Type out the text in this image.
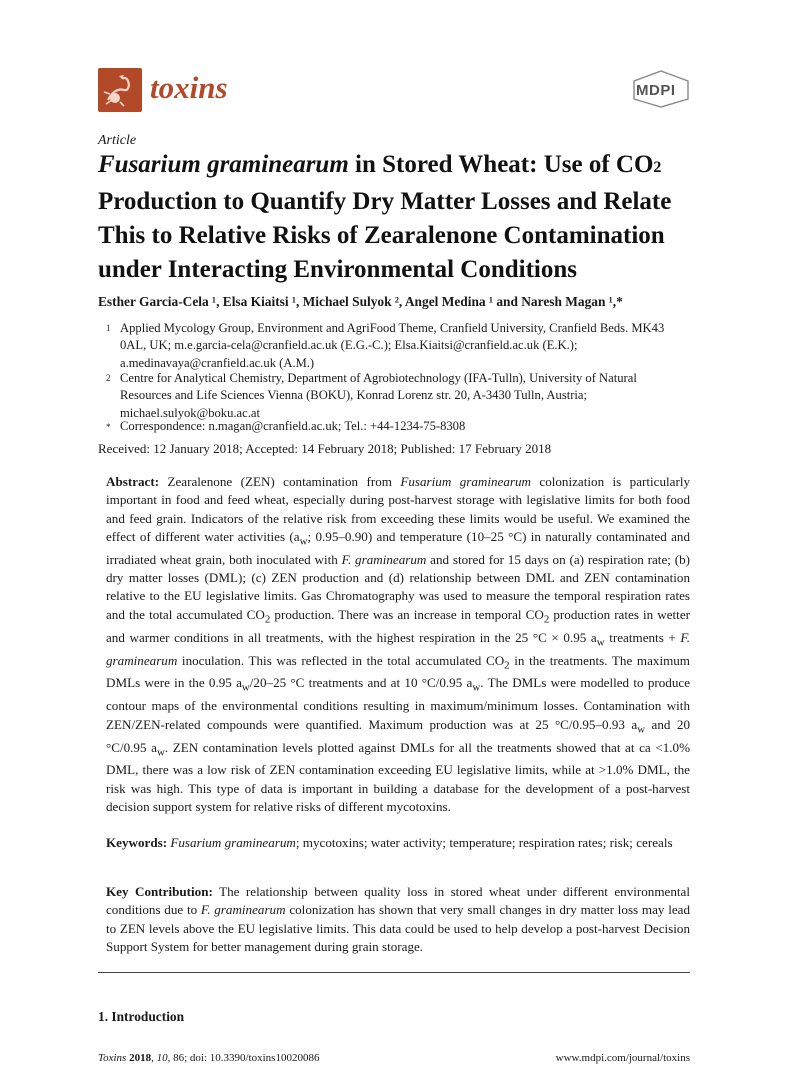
toxins	MDPI
Article
Fusarium graminearum in Stored Wheat: Use of CO2 Production to Quantify Dry Matter Losses and Relate This to Relative Risks of Zearalenone Contamination under Interacting Environmental Conditions
Esther Garcia-Cela ¹, Elsa Kiaitsi ¹, Michael Sulyok ², Angel Medina ¹ and Naresh Magan ¹,*
1 Applied Mycology Group, Environment and AgriFood Theme, Cranfield University, Cranfield Beds. MK43 0AL, UK; m.e.garcia-cela@cranfield.ac.uk (E.G.-C.); Elsa.Kiaitsi@cranfield.ac.uk (E.K.); a.medinavaya@cranfield.ac.uk (A.M.)
2 Centre for Analytical Chemistry, Department of Agrobiotechnology (IFA-Tulln), University of Natural Resources and Life Sciences Vienna (BOKU), Konrad Lorenz str. 20, A-3430 Tulln, Austria; michael.sulyok@boku.ac.at
* Correspondence: n.magan@cranfield.ac.uk; Tel.: +44-1234-75-8308
Received: 12 January 2018; Accepted: 14 February 2018; Published: 17 February 2018
Abstract: Zearalenone (ZEN) contamination from Fusarium graminearum colonization is particularly important in food and feed wheat, especially during post-harvest storage with legislative limits for both food and feed grain. Indicators of the relative risk from exceeding these limits would be useful. We examined the effect of different water activities ($a_w$; 0.95–0.90) and temperature (10–25 °C) in naturally contaminated and irradiated wheat grain, both inoculated with F. graminearum and stored for 15 days on (a) respiration rate; (b) dry matter losses (DML); (c) ZEN production and (d) relationship between DML and ZEN contamination relative to the EU legislative limits. Gas Chromatography was used to measure the temporal respiration rates and the total accumulated $CO_2$ production. There was an increase in temporal $CO_2$ production rates in wetter and warmer conditions in all treatments, with the highest respiration in the 25 °C × 0.95 $a_w$ treatments + F. graminearum inoculation. This was reflected in the total accumulated $CO_2$ in the treatments. The maximum DMLs were in the 0.95 $a_w/20-25$ °C treatments and at 10 °C/0.95 $a_w$. The DMLs were modelled to produce contour maps of the environmental conditions resulting in maximum/minimum losses. Contamination with ZEN/ZEN-related compounds were quantified. Maximum production was at 25 °C/0.95–0.93 $a_w$ and 20 °C/0.95 $a_w$. ZEN contamination levels plotted against DMLs for all the treatments showed that at ca <1.0% DML, there was a low risk of ZEN contamination exceeding EU legislative limits, while at >1.0% DML, the risk was high. This type of data is important in building a database for the development of a post-harvest decision support system for relative risks of different mycotoxins.
Keywords: Fusarium graminearum; mycotoxins; water activity; temperature; respiration rates; risk; cereals
Key Contribution: The relationship between quality loss in stored wheat under different environmental conditions due to F. graminearum colonization has shown that very small changes in dry matter loss may lead to ZEN levels above the EU legislative limits. This data could be used to help develop a post-harvest Decision Support System for better management during grain storage.
1. Introduction
Toxins 2018, 10, 86; doi: 10.3390/toxins10020086	www.mdpi.com/journal/toxins
